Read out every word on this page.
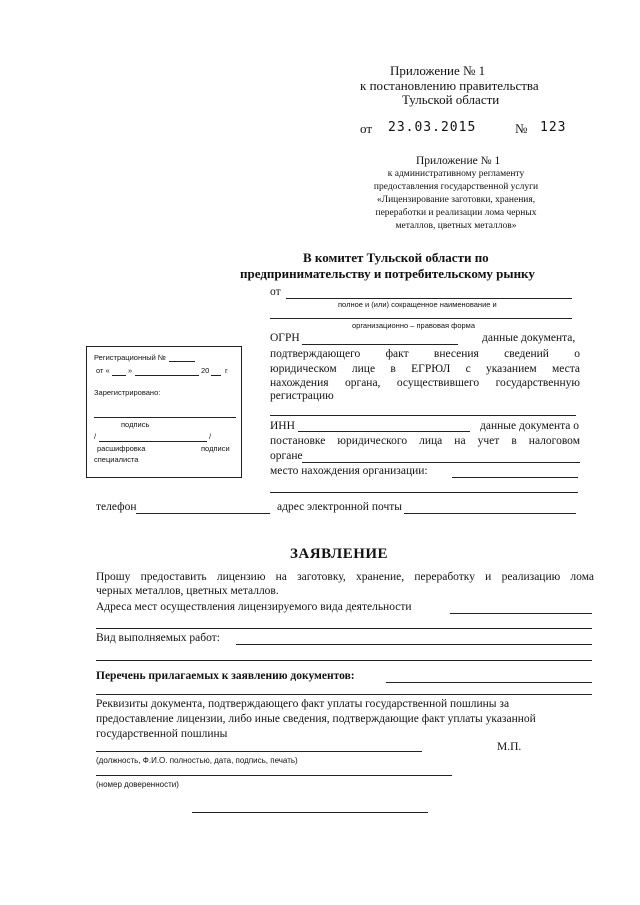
Приложение № 1
к постановлению правительства
Тульской области
от 23.03.2015	№ 123
Приложение № 1
к административному регламенту
предоставления государственной услуги
«Лицензирование заготовки, хранения,
переработки и реализации лома черных
металлов, цветных металлов»
В комитет Тульской области по
предпринимательству и потребительскому рынку
от
полное и (или) сокращенное наименование и
организационно – правовая форма
ОГРН	данные документа,
подтверждающего факт внесения сведений о
юридическом лице в ЕГРЮЛ с указанием места
нахождения органа, осуществившего государственную
регистрацию
ИНН	данные документа о
постановке юридического лица на учет в налоговом
органе
место нахождения организации:
телефон	адрес электронной почты
Регистрационный №
от « »	20 г
Зарегистрировано:
подпись
/	/
расшифровка	подписи
специалиста
ЗАЯВЛЕНИЕ
Прошу предоставить лицензию на заготовку, хранение, переработку и реализацию лома
черных металлов, цветных металлов.
Адреса мест осуществления лицензируемого вида деятельности
Вид выполняемых работ:
Перечень прилагаемых к заявлению документов:
Реквизиты документа, подтверждающего факт уплаты государственной пошлины за
предоставление лицензии, либо иные сведения, подтверждающие факт уплаты указанной
государственной пошлины
М.П.
(должность, Ф.И.О. полностью, дата, подпись, печать)
(номер доверенности)
